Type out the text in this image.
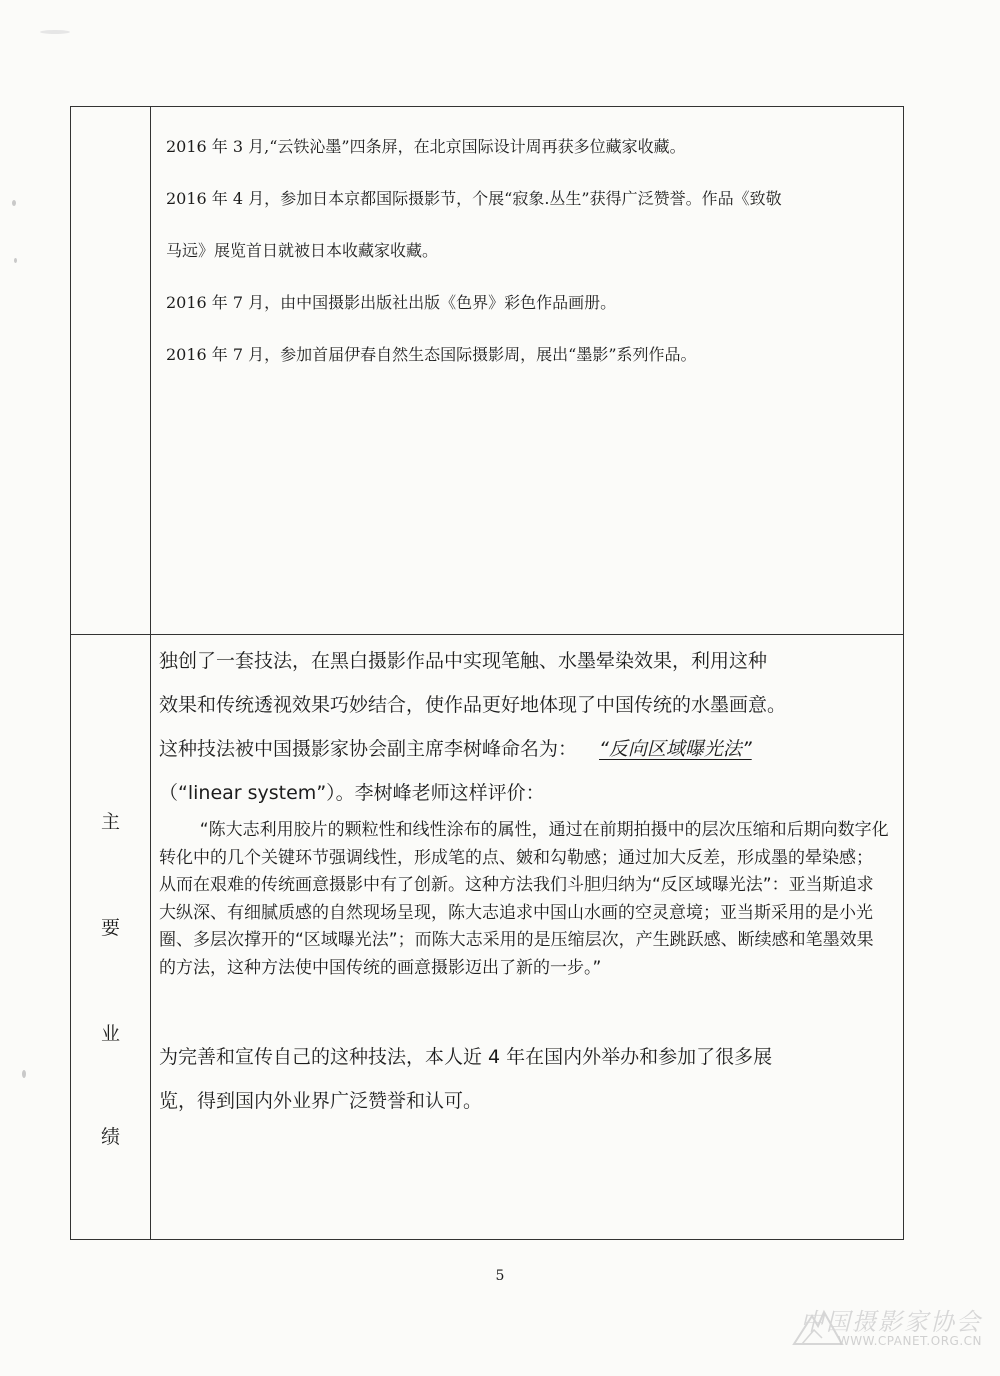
2016 年 3 月,“云铁沁墨”四条屏，在北京国际设计周再获多位藏家收藏。

2016 年 4 月，参加日本京都国际摄影节，个展“寂象.丛生”获得广泛赞誉。作品《致敬

马远》展览首日就被日本收藏家收藏。

2016 年 7 月，由中国摄影出版社出版《色界》彩色作品画册。

2016 年 7 月，参加首届伊春自然生态国际摄影周，展出“墨影”系列作品。

主
要
业
绩

独创了一套技法，在黑白摄影作品中实现笔触、水墨晕染效果，利用这种

效果和传统透视效果巧妙结合，使作品更好地体现了中国传统的水墨画意。

这种技法被中国摄影家协会副主席李树峰命名为： “反向区域曝光法”

（“linear system”）。李树峰老师这样评价：

“陈大志利用胶片的颗粒性和线性涂布的属性，通过在前期拍摄中的层次压缩和后期向数字化转化中的几个关键环节强调线性，形成笔的点、皴和勾勒感；通过加大反差，形成墨的晕染感；从而在艰难的传统画意摄影中有了创新。这种方法我们斗胆归纳为“反区域曝光法”：亚当斯追求大纵深、有细腻质感的自然现场呈现，陈大志追求中国山水画的空灵意境；亚当斯采用的是小光圈、多层次撑开的“区域曝光法”；而陈大志采用的是压缩层次，产生跳跃感、断续感和笔墨效果的方法，这种方法使中国传统的画意摄影迈出了新的一步。”

为完善和宣传自己的这种技法，本人近 4 年在国内外举办和参加了很多展

览，得到国内外业界广泛赞誉和认可。

5
中国摄影家协会
WWW.CPANET.ORG.CN
